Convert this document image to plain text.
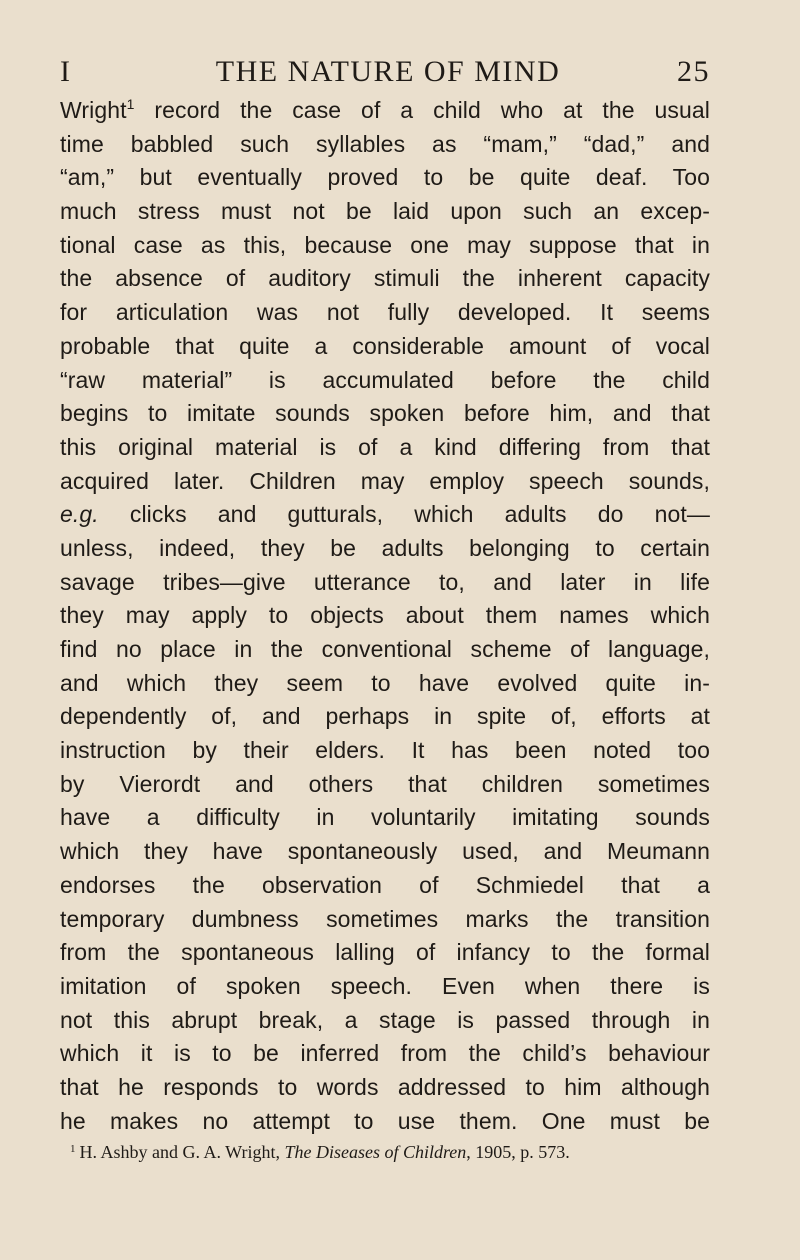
I	THE NATURE OF MIND	25
Wright$^1$ record the case of a child who at the usual
time babbled such syllables as “mam,” “dad,” and
“am,” but eventually proved to be quite deaf. Too
much stress must not be laid upon such an excep-
tional case as this, because one may suppose that in
the absence of auditory stimuli the inherent capacity
for articulation was not fully developed. It seems
probable that quite a considerable amount of vocal
“raw material” is accumulated before the child
begins to imitate sounds spoken before him, and that
this original material is of a kind differing from that
acquired later. Children may employ speech sounds,
e.g. clicks and gutturals, which adults do not—
unless, indeed, they be adults belonging to certain
savage tribes—give utterance to, and later in life
they may apply to objects about them names which
find no place in the conventional scheme of language,
and which they seem to have evolved quite in-
dependently of, and perhaps in spite of, efforts at
instruction by their elders. It has been noted too
by Vierordt and others that children sometimes
have a difficulty in voluntarily imitating sounds
which they have spontaneously used, and Meumann
endorses the observation of Schmiedel that a
temporary dumbness sometimes marks the transition
from the spontaneous lalling of infancy to the formal
imitation of spoken speech. Even when there is
not this abrupt break, a stage is passed through in
which it is to be inferred from the child’s behaviour
that he responds to words addressed to him although
he makes no attempt to use them. One must be
$^1$ H. Ashby and G. A. Wright, The Diseases of Children, 1905, p. 573.
